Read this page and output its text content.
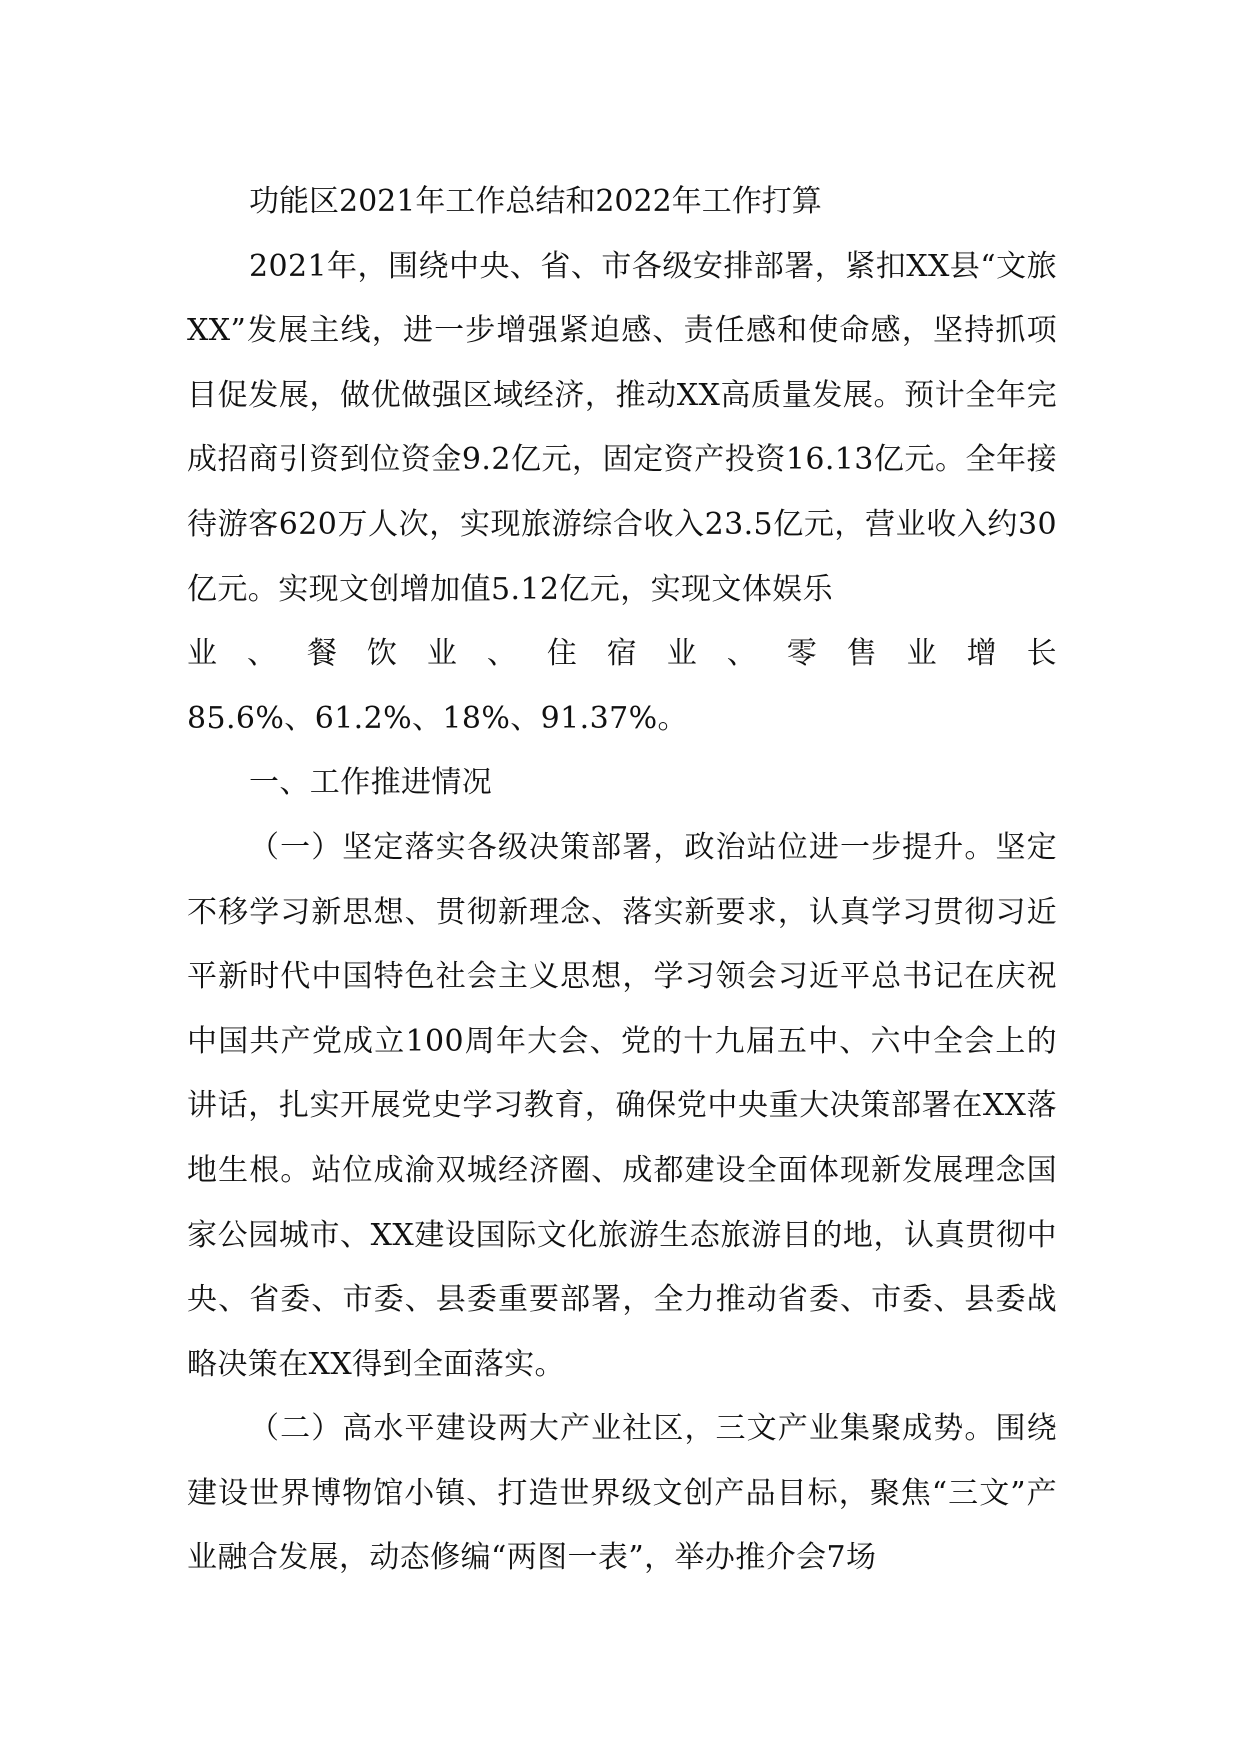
功能区2021年工作总结和2022年工作打算

2021年，围绕中央、省、市各级安排部署，紧扣XX县“文旅XX”发展主线，进一步增强紧迫感、责任感和使命感，坚持抓项目促发展，做优做强区域经济，推动XX高质量发展。预计全年完成招商引资到位资金9.2亿元，固定资产投资16.13亿元。全年接待游客620万人次，实现旅游综合收入23.5亿元，营业收入约30亿元。实现文创增加值5.12亿元，实现文体娱乐

业 、 餐 饮 业 、 住 宿 业 、 零 售 业 增 长

85.6%、61.2%、18%、91.37%。

一、工作推进情况

（一）坚定落实各级决策部署，政治站位进一步提升。坚定不移学习新思想、贯彻新理念、落实新要求，认真学习贯彻习近平新时代中国特色社会主义思想，学习领会习近平总书记在庆祝中国共产党成立100周年大会、党的十九届五中、六中全会上的讲话，扎实开展党史学习教育，确保党中央重大决策部署在XX落地生根。站位成渝双城经济圈、成都建设全面体现新发展理念国家公园城市、XX建设国际文化旅游生态旅游目的地，认真贯彻中央、省委、市委、县委重要部署，全力推动省委、市委、县委战略决策在XX得到全面落实。

（二）高水平建设两大产业社区，三文产业集聚成势。围绕建设世界博物馆小镇、打造世界级文创产品目标，聚焦“三文”产业融合发展，动态修编“两图一表”，举办推介会7场
